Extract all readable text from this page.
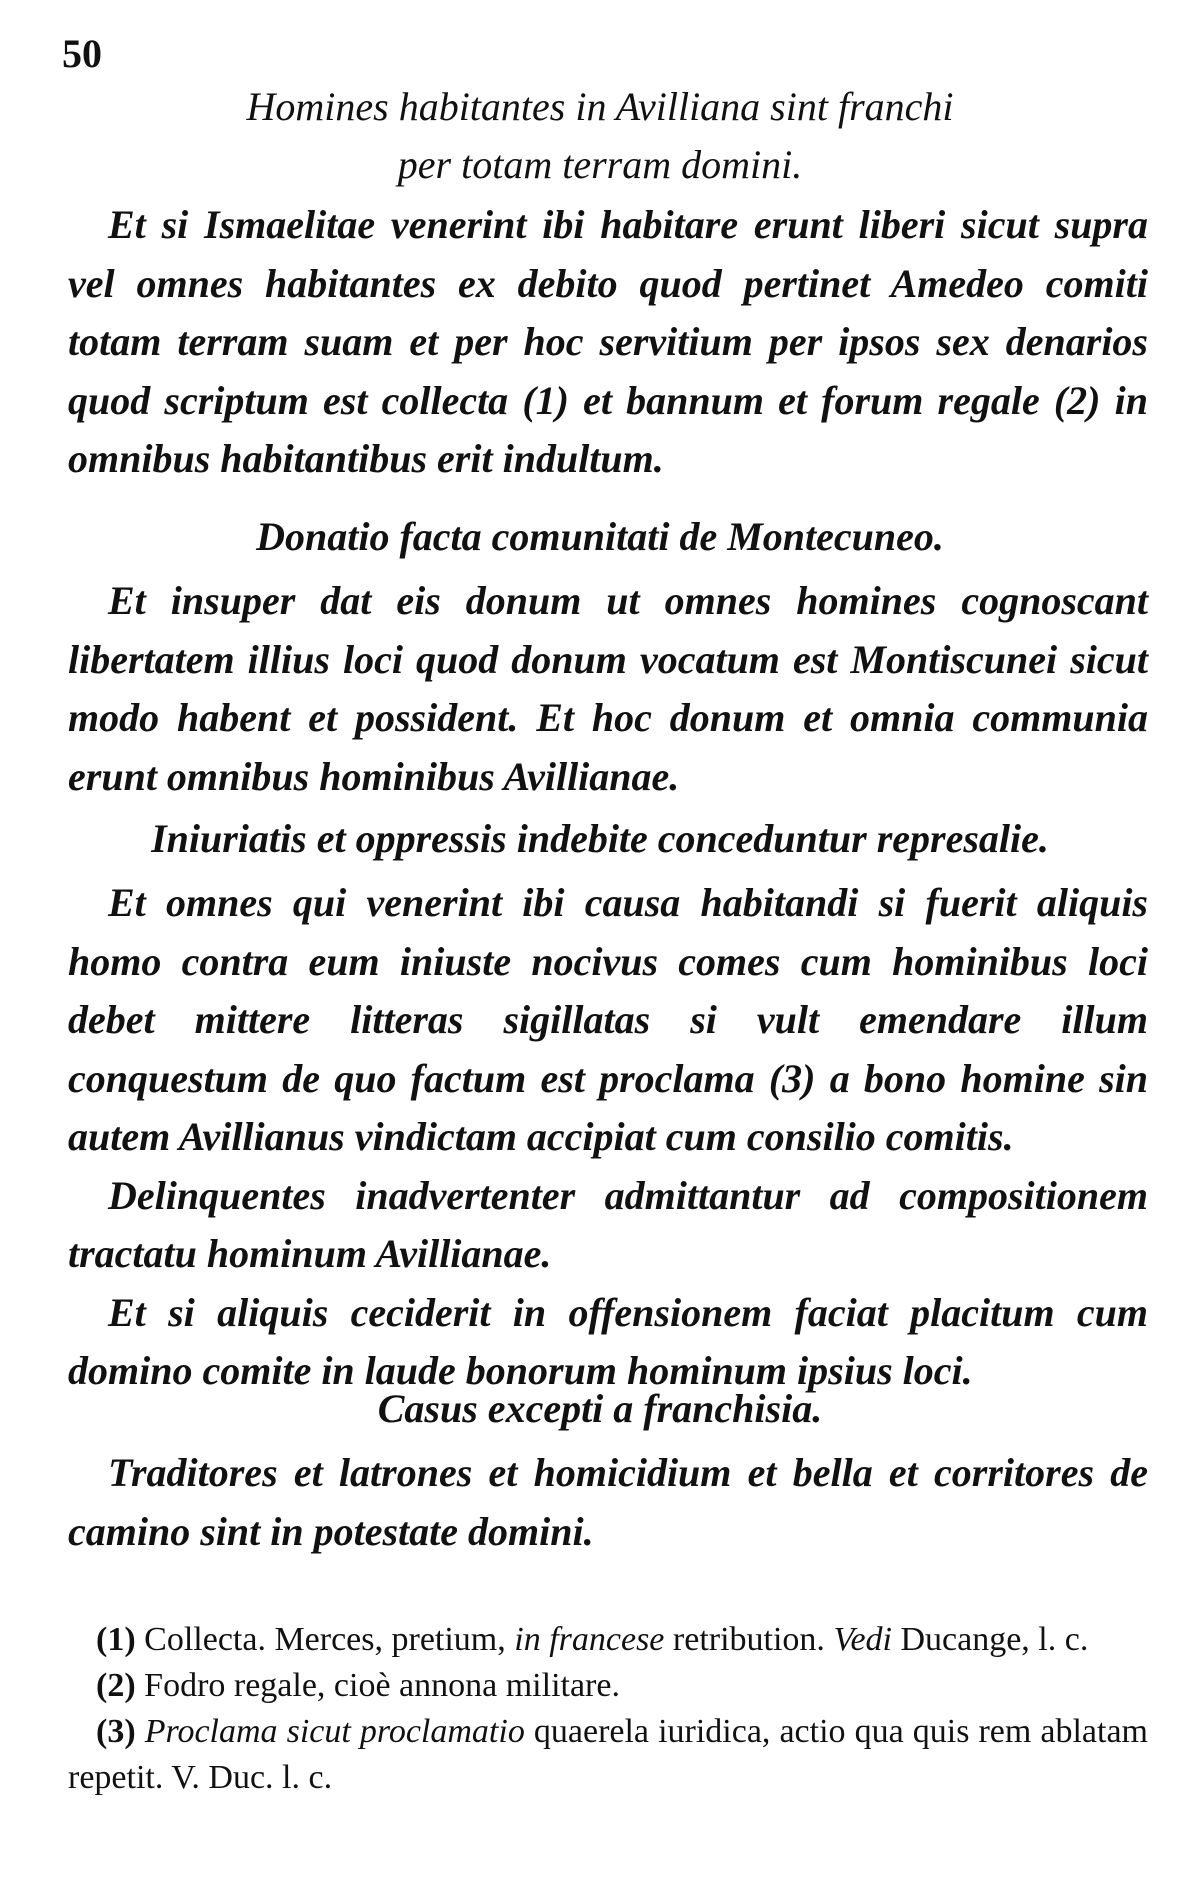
50
Homines habitantes in Avilliana sint franchi
per totam terram domini.

Et si Ismaelitae venerint ibi habitare erunt liberi sicut supra vel omnes habitantes ex debito quod pertinet Amedeo comiti totam terram suam et per hoc servitium per ipsos sex denarios quod scriptum est collecta (1) et bannum et forum regale (2) in omnibus habitantibus erit indultum.

Donatio facta comunitati de Montecuneo.

Et insuper dat eis donum ut omnes homines cognoscant libertatem illius loci quod donum vocatum est Montiscunei sicut modo habent et possident. Et hoc donum et omnia communia erunt omnibus hominibus Avillianae.

Iniuriatis et oppressis indebite conceduntur represalie.

Et omnes qui venerint ibi causa habitandi si fuerit aliquis homo contra eum iniuste nocivus comes cum hominibus loci debet mittere litteras sigillatas si vult emendare illum conquestum de quo factum est proclama (3) a bono homine sin autem Avillianus vindictam accipiat cum consilio comitis.

Delinquentes inadvertenter admittantur ad compositionem tractatu hominum Avillianae.

Et si aliquis ceciderit in offensionem faciat placitum cum domino comite in laude bonorum hominum ipsius loci.

Casus excepti a franchisia.

Traditores et latrones et homicidium et bella et corritores de camino sint in potestate domini.

(1) Collecta. Merces, pretium, in francese retribution. Vedi Ducange, l. c.

(2) Fodro regale, cioè annona militare.

(3) Proclama sicut proclamatio quaerela iuridica, actio qua quis rem ablatam repetit. V. Duc. l. c.
